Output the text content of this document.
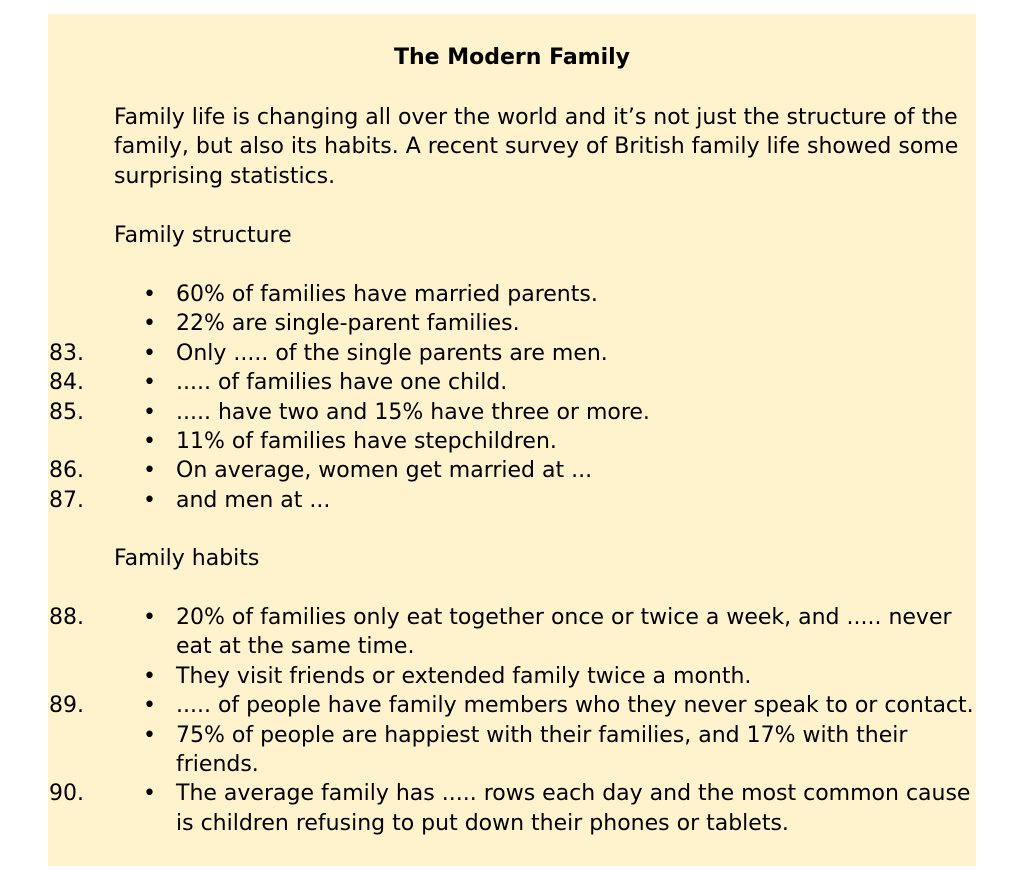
The Modern Family

Family life is changing all over the world and it’s not just the structure of the family, but also its habits. A recent survey of British family life showed some surprising statistics.

Family structure
• 60% of families have married parents.
• 22% are single-parent families.
83.	• Only ..... of the single parents are men.
84.	• ..... of families have one child.
85.	• ..... have two and 15% have three or more.
• 11% of families have stepchildren.
86.	• On average, women get married at ...
87.	• and men at ...
Family habits
88.	• 20% of families only eat together once or twice a week, and ..... never eat at the same time.
• They visit friends or extended family twice a month.
89.	• ..... of people have family members who they never speak to or contact.
• 75% of people are happiest with their families, and 17% with their friends.
90.	• The average family has ..... rows each day and the most common cause is children refusing to put down their phones or tablets.
